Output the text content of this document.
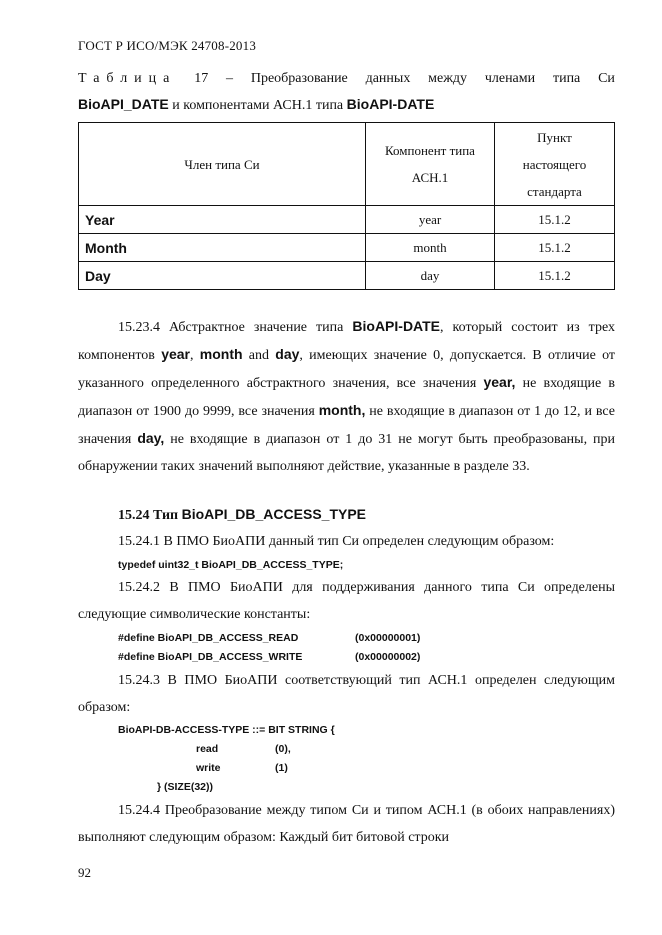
ГОСТ Р ИСО/МЭК 24708-2013
Таблица 17 – Преобразование данных между членами типа Си
BioAPI_DATE и компонентами АСН.1 типа BioAPI-DATE
Член типа Си	Компонент типа АСН.1	Пункт настоящего стандарта
Year	year	15.1.2
Month	month	15.1.2
Day	day	15.1.2

15.23.4 Абстрактное значение типа BioAPI-DATE, который состоит из трех компонентов year, month and day, имеющих значение 0, допускается. В отличие от указанного определенного абстрактного значения, все значения year, не входящие в диапазон от 1900 до 9999, все значения month, не входящие в диапазон от 1 до 12, и все значения day, не входящие в диапазон от 1 до 31 не могут быть преобразованы, при обнаружении таких значений выполняют действие, указанные в разделе 33.

15.24 Тип BioAPI_DB_ACCESS_TYPE

15.24.1 В ПМО БиоАПИ данный тип Си определен следующим образом:

typedef uint32_t BioAPI_DB_ACCESS_TYPE;

15.24.2 В ПМО БиоАПИ для поддерживания данного типа Си определены следующие символические константы:

#define BioAPI_DB_ACCESS_READ	(0x00000001)
#define BioAPI_DB_ACCESS_WRITE	(0x00000002)

15.24.3 В ПМО БиоАПИ соответствующий тип АСН.1 определен следующим образом:

BioAPI-DB-ACCESS-TYPE ::= BIT STRING {
read	(0),
write	(1)
} (SIZE(32))

15.24.4 Преобразование между типом Си и типом АСН.1 (в обоих направлениях) выполняют следующим образом: Каждый бит битовой строки

92
